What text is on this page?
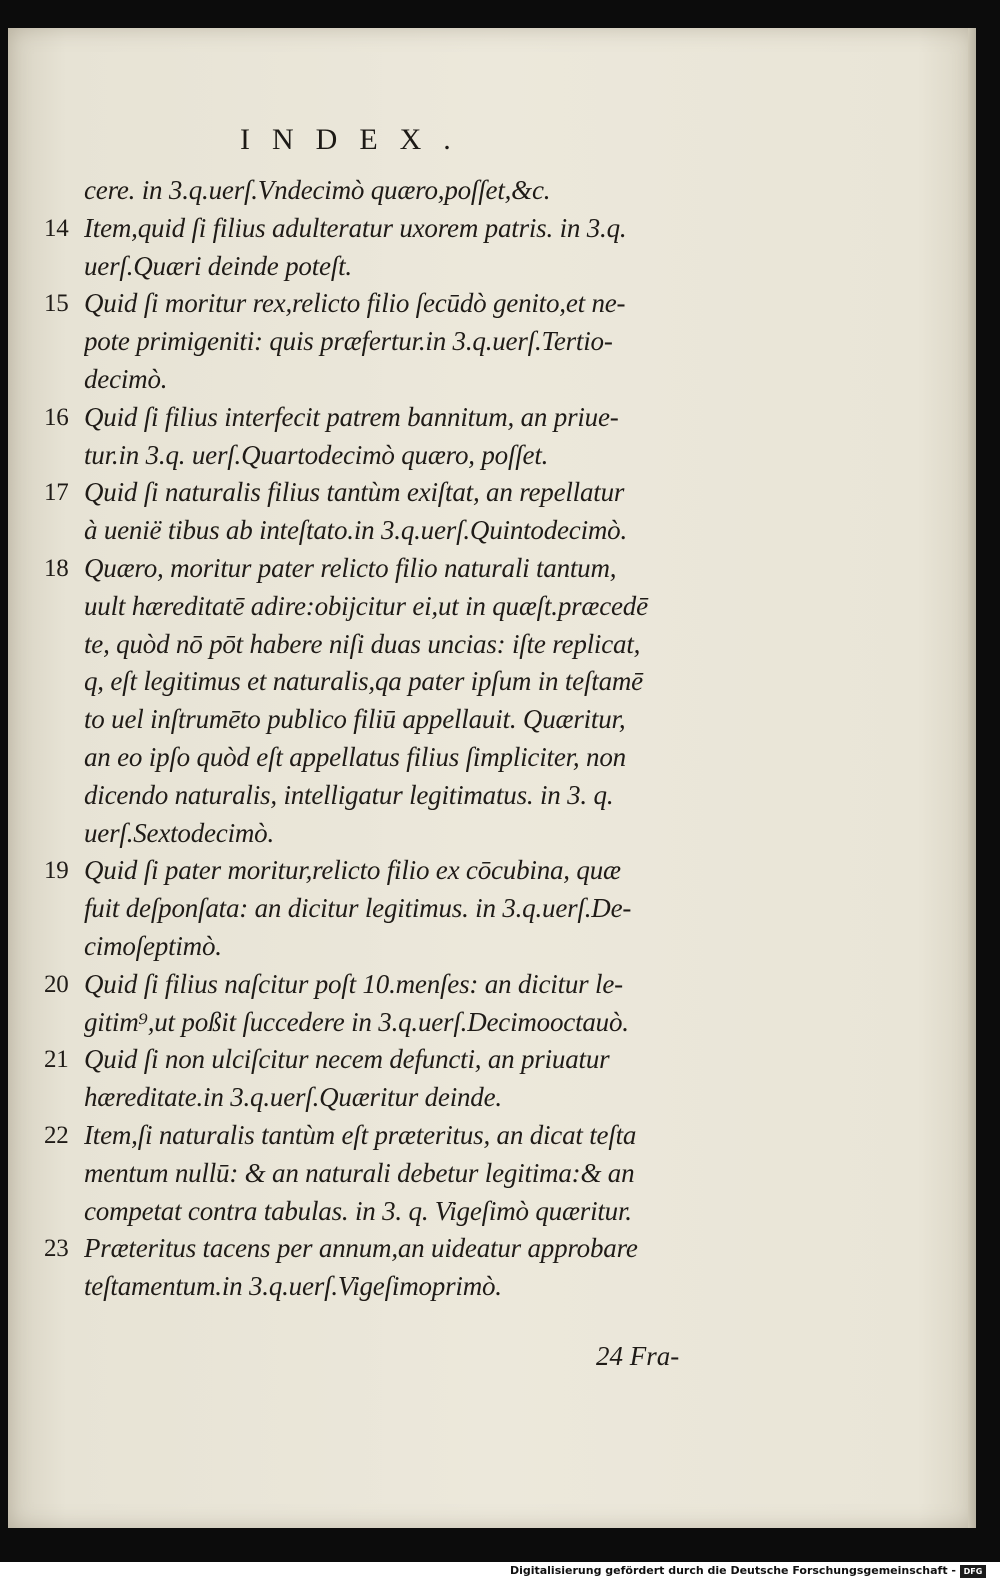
INDEX.
cere. in 3.q.uerſ.Vndecimò quæro,poſſet,&c.
14 Item,quid ſi filius adulteratur uxorem patris. in 3.q.
uerſ.Quæri deinde poteſt.
15 Quid ſi moritur rex,relicto filio ſecūdò genito,et ne-
pote primigeniti: quis præfertur.in 3.q.uerſ.Tertio-
decimò.
16 Quid ſi filius interfecit patrem bannitum, an priue-
tur.in 3.q. uerſ.Quartodecimò quæro, poſſet.
17 Quid ſi naturalis filius tantùm exiſtat, an repellatur
à uenië tibus ab inteſtato.in 3.q.uerſ.Quintodecimò.
18 Quæro, moritur pater relicto filio naturali tantum,
uult hæreditatē adire:obijcitur ei,ut in quæſt.præcedē
te, quòd nō pōt habere niſi duas uncias: iſte replicat,
q, eſt legitimus et naturalis,qa pater ipſum in teſtamē
to uel inſtrumēto publico filiū appellauit. Quæritur,
an eo ipſo quòd eſt appellatus filius ſimpliciter, non
dicendo naturalis, intelligatur legitimatus. in 3. q.
uerſ.Sextodecimò.
19 Quid ſi pater moritur,relicto filio ex cōcubina, quæ
fuit deſponſata: an dicitur legitimus. in 3.q.uerſ.De-
cimoſeptimò.
20 Quid ſi filius naſcitur poſt 10.menſes: an dicitur le-
gitim⁹,ut poßit ſuccedere in 3.q.uerſ.Decimooctauò.
21 Quid ſi non ulciſcitur necem defuncti, an priuatur
hæreditate.in 3.q.uerſ.Quæritur deinde.
22 Item,ſi naturalis tantùm eſt præteritus, an dicat teſta
mentum nullū: & an naturali debetur legitima:& an
competat contra tabulas. in 3. q. Vigeſimò quæritur.
23 Præteritus tacens per annum,an uideatur approbare
teſtamentum.in 3.q.uerſ.Vigeſimoprimò.
24 Fra-
Digitalisierung gefördert durch die Deutsche Forschungsgemeinschaft - DFG
